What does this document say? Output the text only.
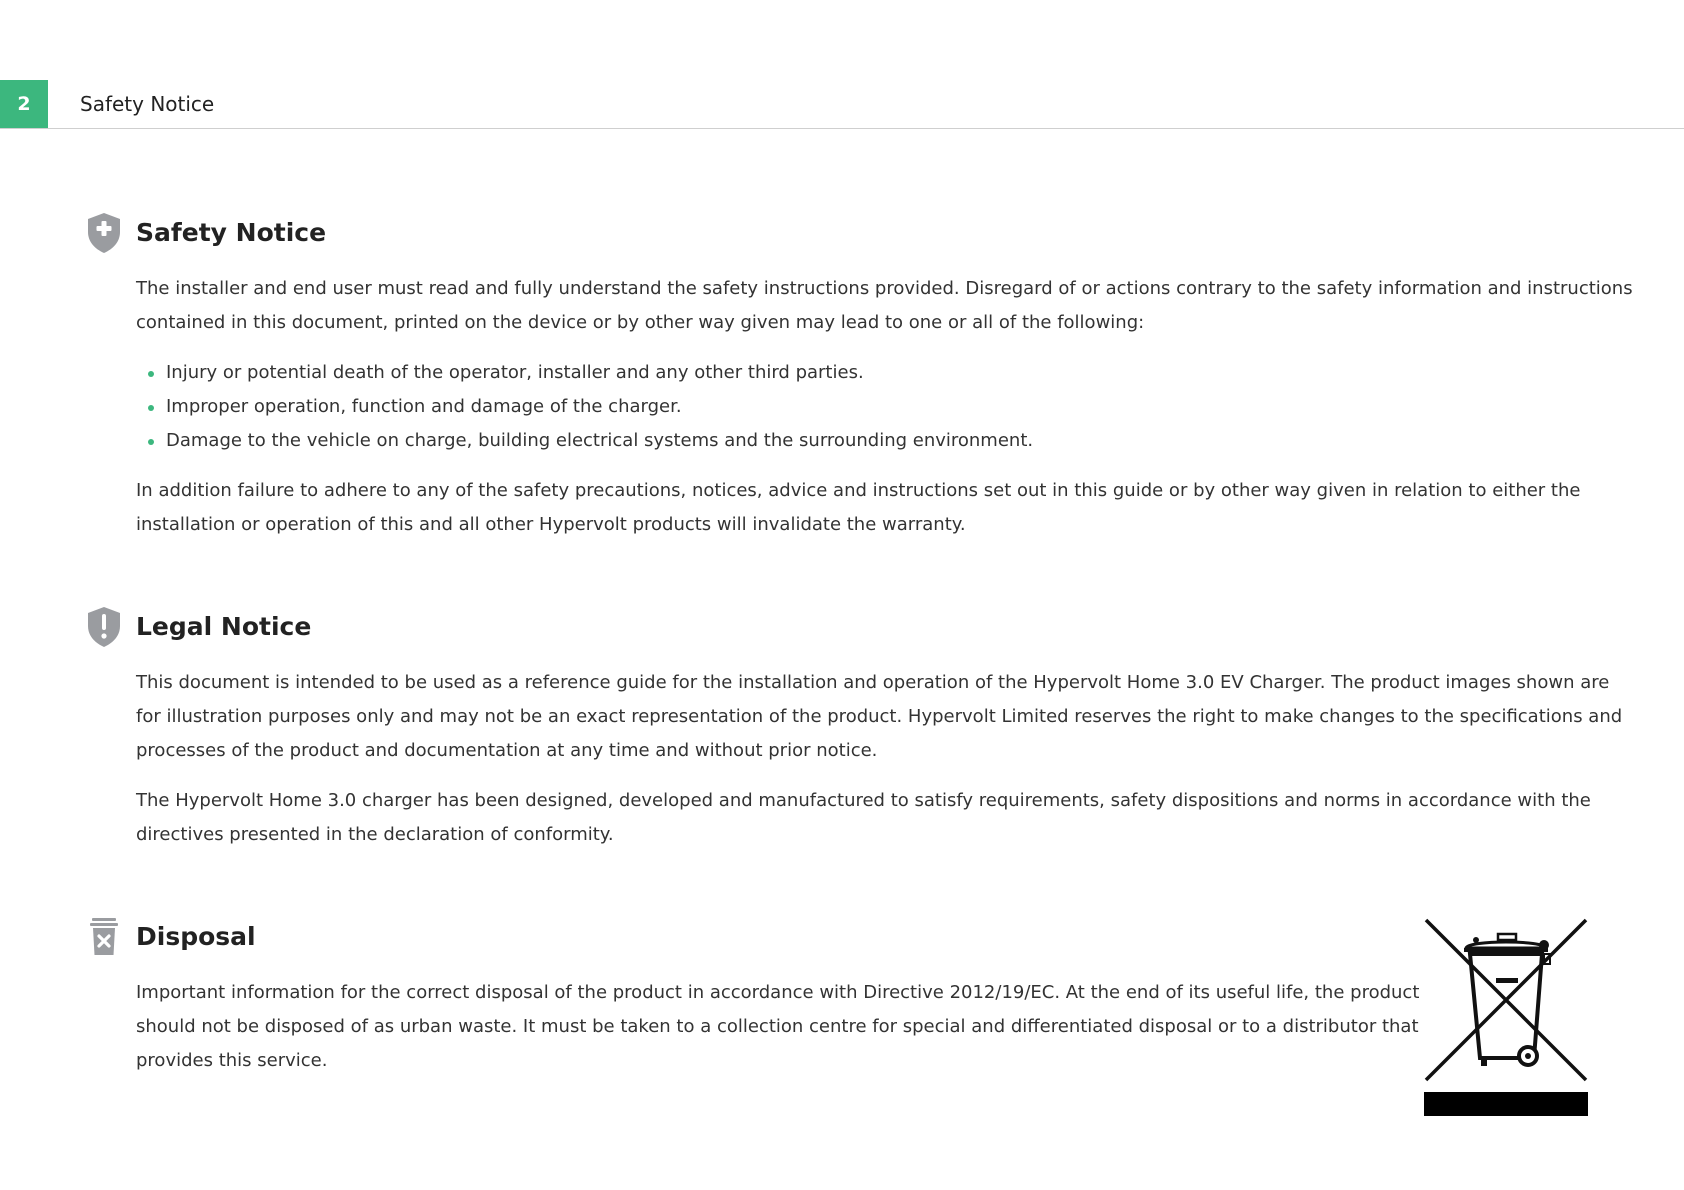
2	Safety Notice
Safety Notice

The installer and end user must read and fully understand the safety instructions provided. Disregard of or actions contrary to the safety information and instructions contained in this document, printed on the device or by other way given may lead to one or all of the following:

Injury or potential death of the operator, installer and any other third parties.
Improper operation, function and damage of the charger.
Damage to the vehicle on charge, building electrical systems and the surrounding environment.

In addition failure to adhere to any of the safety precautions, notices, advice and instructions set out in this guide or by other way given in relation to either the installation or operation of this and all other Hypervolt products will invalidate the warranty.

Legal Notice

This document is intended to be used as a reference guide for the installation and operation of the Hypervolt Home 3.0 EV Charger. The product images shown are for illustration purposes only and may not be an exact representation of the product. Hypervolt Limited reserves the right to make changes to the specifications and processes of the product and documentation at any time and without prior notice.

The Hypervolt Home 3.0 charger has been designed, developed and manufactured to satisfy requirements, safety dispositions and norms in accordance with the directives presented in the declaration of conformity.

Disposal

Important information for the correct disposal of the product in accordance with Directive 2012/19/EC. At the end of its useful life, the product should not be disposed of as urban waste. It must be taken to a collection centre for special and differentiated disposal or to a distributor that provides this service.
